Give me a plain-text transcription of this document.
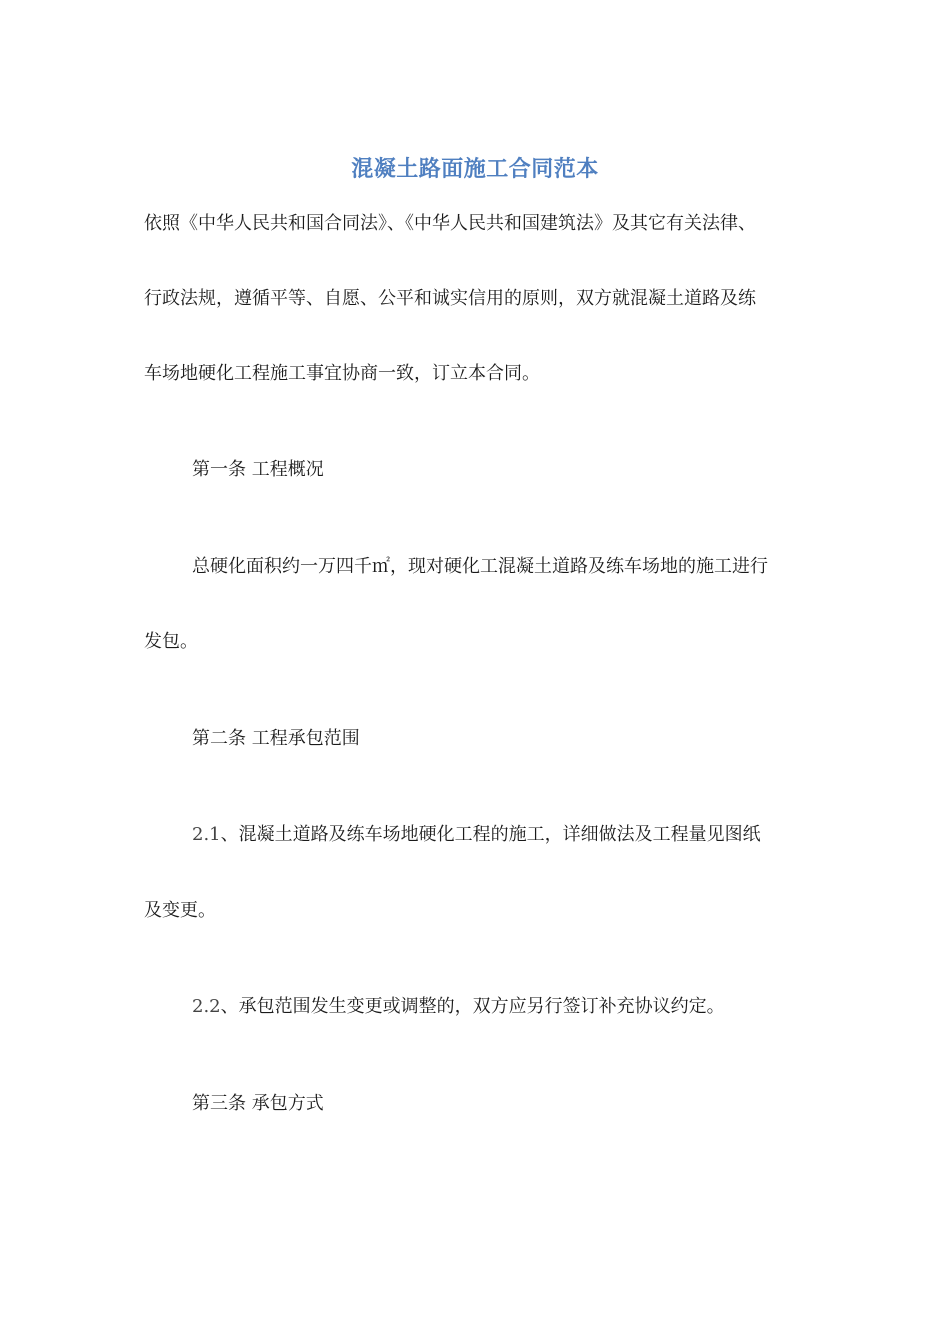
混凝土路面施工合同范本
依照《中华人民共和国合同法》、《中华人民共和国建筑法》及其它有关法律、
行政法规，遵循平等、自愿、公平和诚实信用的原则，双方就混凝土道路及练
车场地硬化工程施工事宜协商一致，订立本合同。
第一条 工程概况
总硬化面积约一万四千㎡，现对硬化工混凝土道路及练车场地的施工进行
发包。
第二条 工程承包范围
2.1、混凝土道路及练车场地硬化工程的施工，详细做法及工程量见图纸
及变更。
2.2、承包范围发生变更或调整的，双方应另行签订补充协议约定。
第三条 承包方式
